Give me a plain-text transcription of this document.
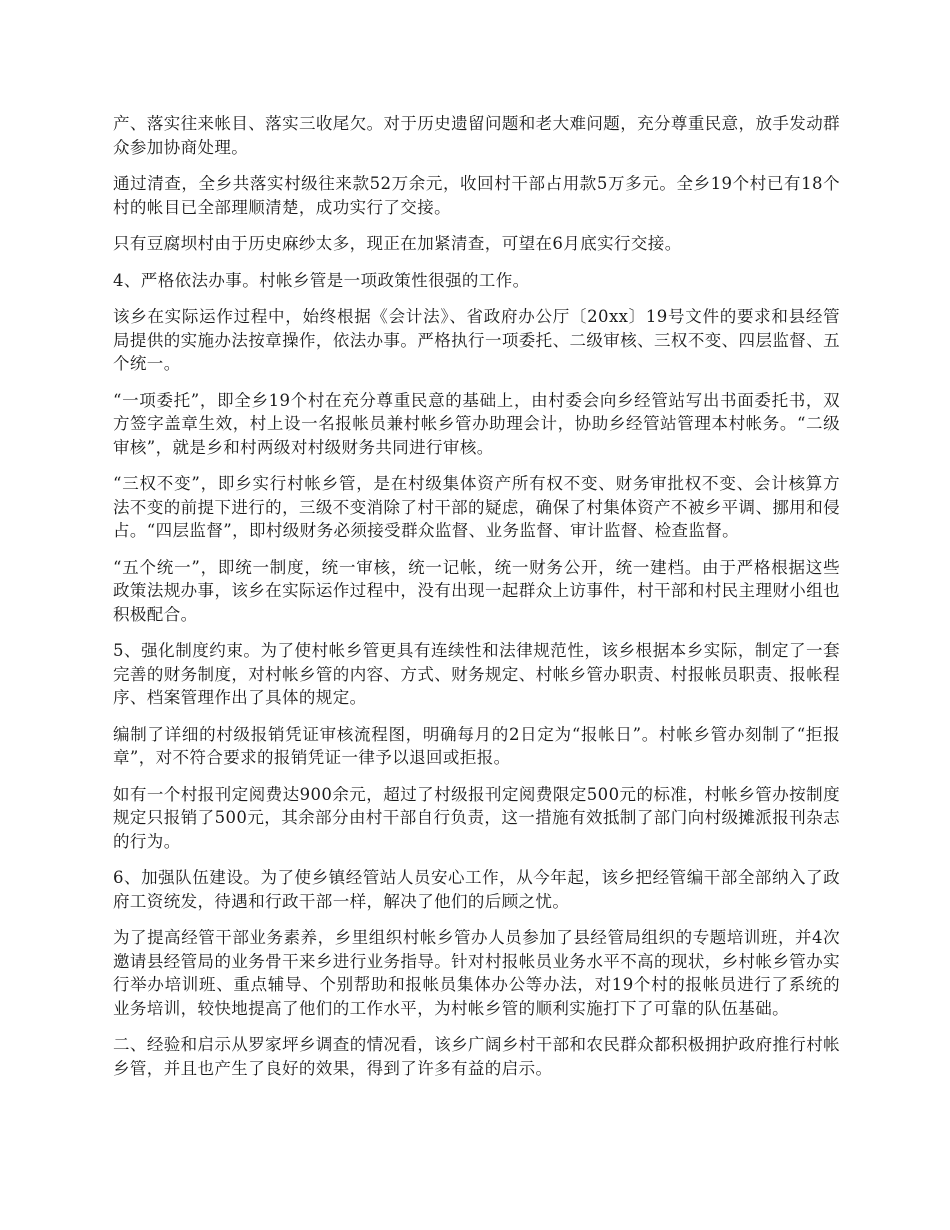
产、落实往来帐目、落实三收尾欠。对于历史遗留问题和老大难问题，充分尊重民意，放手发动群众参加协商处理。

通过清查，全乡共落实村级往来款52万余元，收回村干部占用款5万多元。全乡19个村已有18个村的帐目已全部理顺清楚，成功实行了交接。

只有豆腐坝村由于历史麻纱太多，现正在加紧清查，可望在6月底实行交接。

4、严格依法办事。村帐乡管是一项政策性很强的工作。

该乡在实际运作过程中，始终根据《会计法》、省政府办公厅〔20xx〕19号文件的要求和县经管局提供的实施办法按章操作，依法办事。严格执行一项委托、二级审核、三权不变、四层监督、五个统一。

“一项委托”，即全乡19个村在充分尊重民意的基础上，由村委会向乡经管站写出书面委托书，双方签字盖章生效，村上设一名报帐员兼村帐乡管办助理会计，协助乡经管站管理本村帐务。“二级审核”，就是乡和村两级对村级财务共同进行审核。

“三权不变”，即乡实行村帐乡管，是在村级集体资产所有权不变、财务审批权不变、会计核算方法不变的前提下进行的，三级不变消除了村干部的疑虑，确保了村集体资产不被乡平调、挪用和侵占。“四层监督”，即村级财务必须接受群众监督、业务监督、审计监督、检查监督。

“五个统一”，即统一制度，统一审核，统一记帐，统一财务公开，统一建档。由于严格根据这些政策法规办事，该乡在实际运作过程中，没有出现一起群众上访事件，村干部和村民主理财小组也积极配合。

5、强化制度约束。为了使村帐乡管更具有连续性和法律规范性，该乡根据本乡实际，制定了一套完善的财务制度，对村帐乡管的内容、方式、财务规定、村帐乡管办职责、村报帐员职责、报帐程序、档案管理作出了具体的规定。

编制了详细的村级报销凭证审核流程图，明确每月的2日定为“报帐日”。村帐乡管办刻制了“拒报章”，对不符合要求的报销凭证一律予以退回或拒报。

如有一个村报刊定阅费达900余元，超过了村级报刊定阅费限定500元的标准，村帐乡管办按制度规定只报销了500元，其余部分由村干部自行负责，这一措施有效抵制了部门向村级摊派报刊杂志的行为。

6、加强队伍建设。为了使乡镇经管站人员安心工作，从今年起，该乡把经管编干部全部纳入了政府工资统发，待遇和行政干部一样，解决了他们的后顾之忧。

为了提高经管干部业务素养，乡里组织村帐乡管办人员参加了县经管局组织的专题培训班，并4次邀请县经管局的业务骨干来乡进行业务指导。针对村报帐员业务水平不高的现状，乡村帐乡管办实行举办培训班、重点辅导、个别帮助和报帐员集体办公等办法，对19个村的报帐员进行了系统的业务培训，较快地提高了他们的工作水平，为村帐乡管的顺利实施打下了可靠的队伍基础。

二、经验和启示从罗家坪乡调查的情况看，该乡广阔乡村干部和农民群众都积极拥护政府推行村帐乡管，并且也产生了良好的效果，得到了许多有益的启示。
